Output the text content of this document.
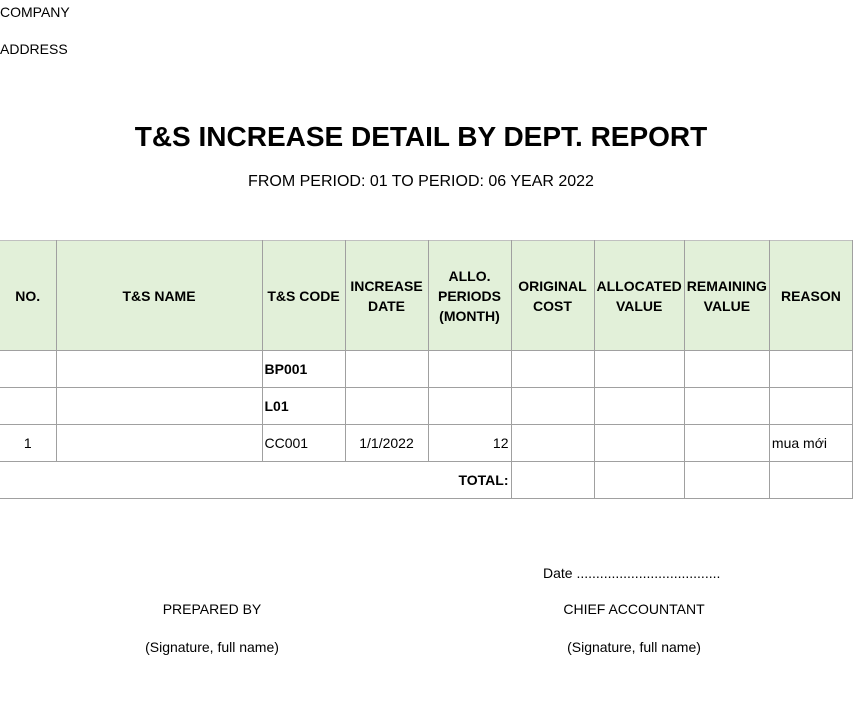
COMPANY
ADDRESS
T&S INCREASE DETAIL BY DEPT. REPORT
FROM PERIOD: 01 TO PERIOD: 06 YEAR 2022
NO.	T&S NAME	T&S CODE	INCREASE DATE	ALLO. PERIODS (MONTH)	ORIGINAL COST	ALLOCATED VALUE	REMAINING VALUE	REASON
		BP001						
		L01						
1		CC001	1/1/2022	12				mua mới
TOTAL:								
Date .....................................
PREPARED BY
(Signature, full name)
CHIEF ACCOUNTANT
(Signature, full name)
